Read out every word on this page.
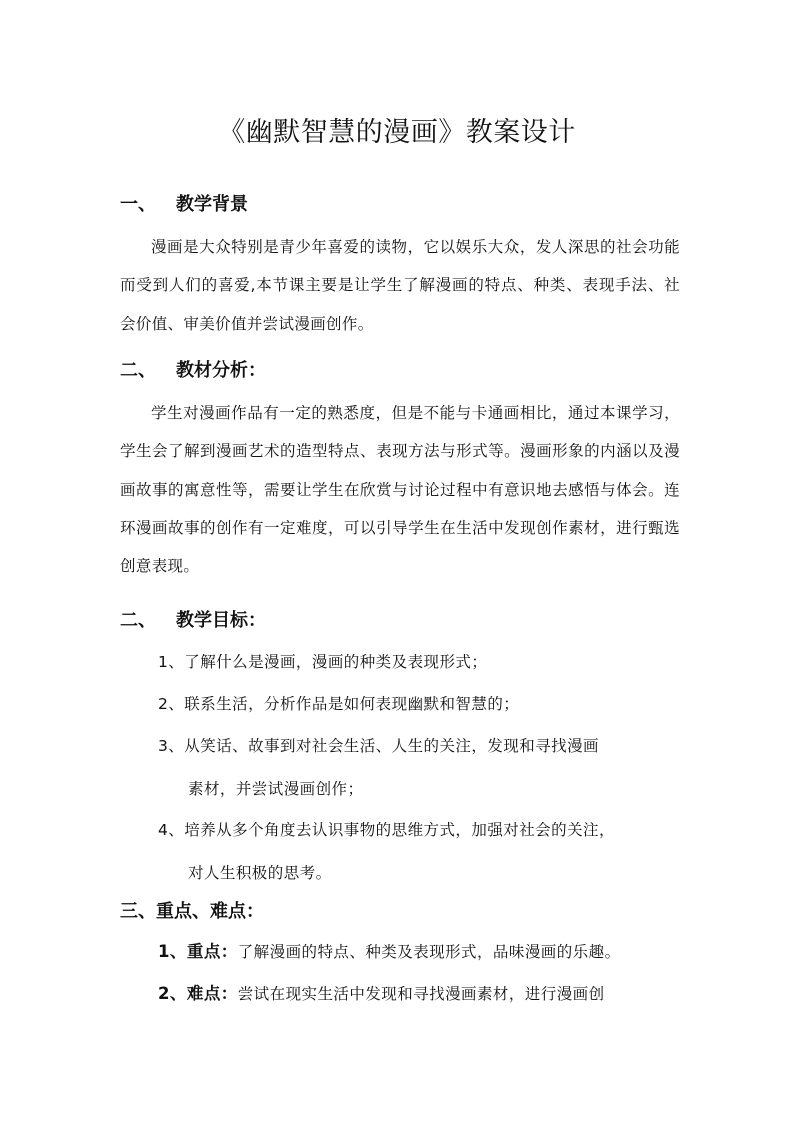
《幽默智慧的漫画》教案设计
一、 教学背景
漫画是大众特别是青少年喜爱的读物，它以娱乐大众，发人深思的社会功能而受到人们的喜爱,本节课主要是让学生了解漫画的特点、种类、表现手法、社会价值、审美价值并尝试漫画创作。
二、 教材分析：
学生对漫画作品有一定的熟悉度，但是不能与卡通画相比，通过本课学习，学生会了解到漫画艺术的造型特点、表现方法与形式等。漫画形象的内涵以及漫画故事的寓意性等，需要让学生在欣赏与讨论过程中有意识地去感悟与体会。连环漫画故事的创作有一定难度，可以引导学生在生活中发现创作素材，进行甄选创意表现。
二、 教学目标：
1、了解什么是漫画，漫画的种类及表现形式；
2、联系生活，分析作品是如何表现幽默和智慧的；
3、从笑话、故事到对社会生活、人生的关注，发现和寻找漫画
素材，并尝试漫画创作；
4、培养从多个角度去认识事物的思维方式，加强对社会的关注，
对人生积极的思考。
三、重点、难点：
1、重点：了解漫画的特点、种类及表现形式，品味漫画的乐趣。
2、难点：尝试在现实生活中发现和寻找漫画素材，进行漫画创
